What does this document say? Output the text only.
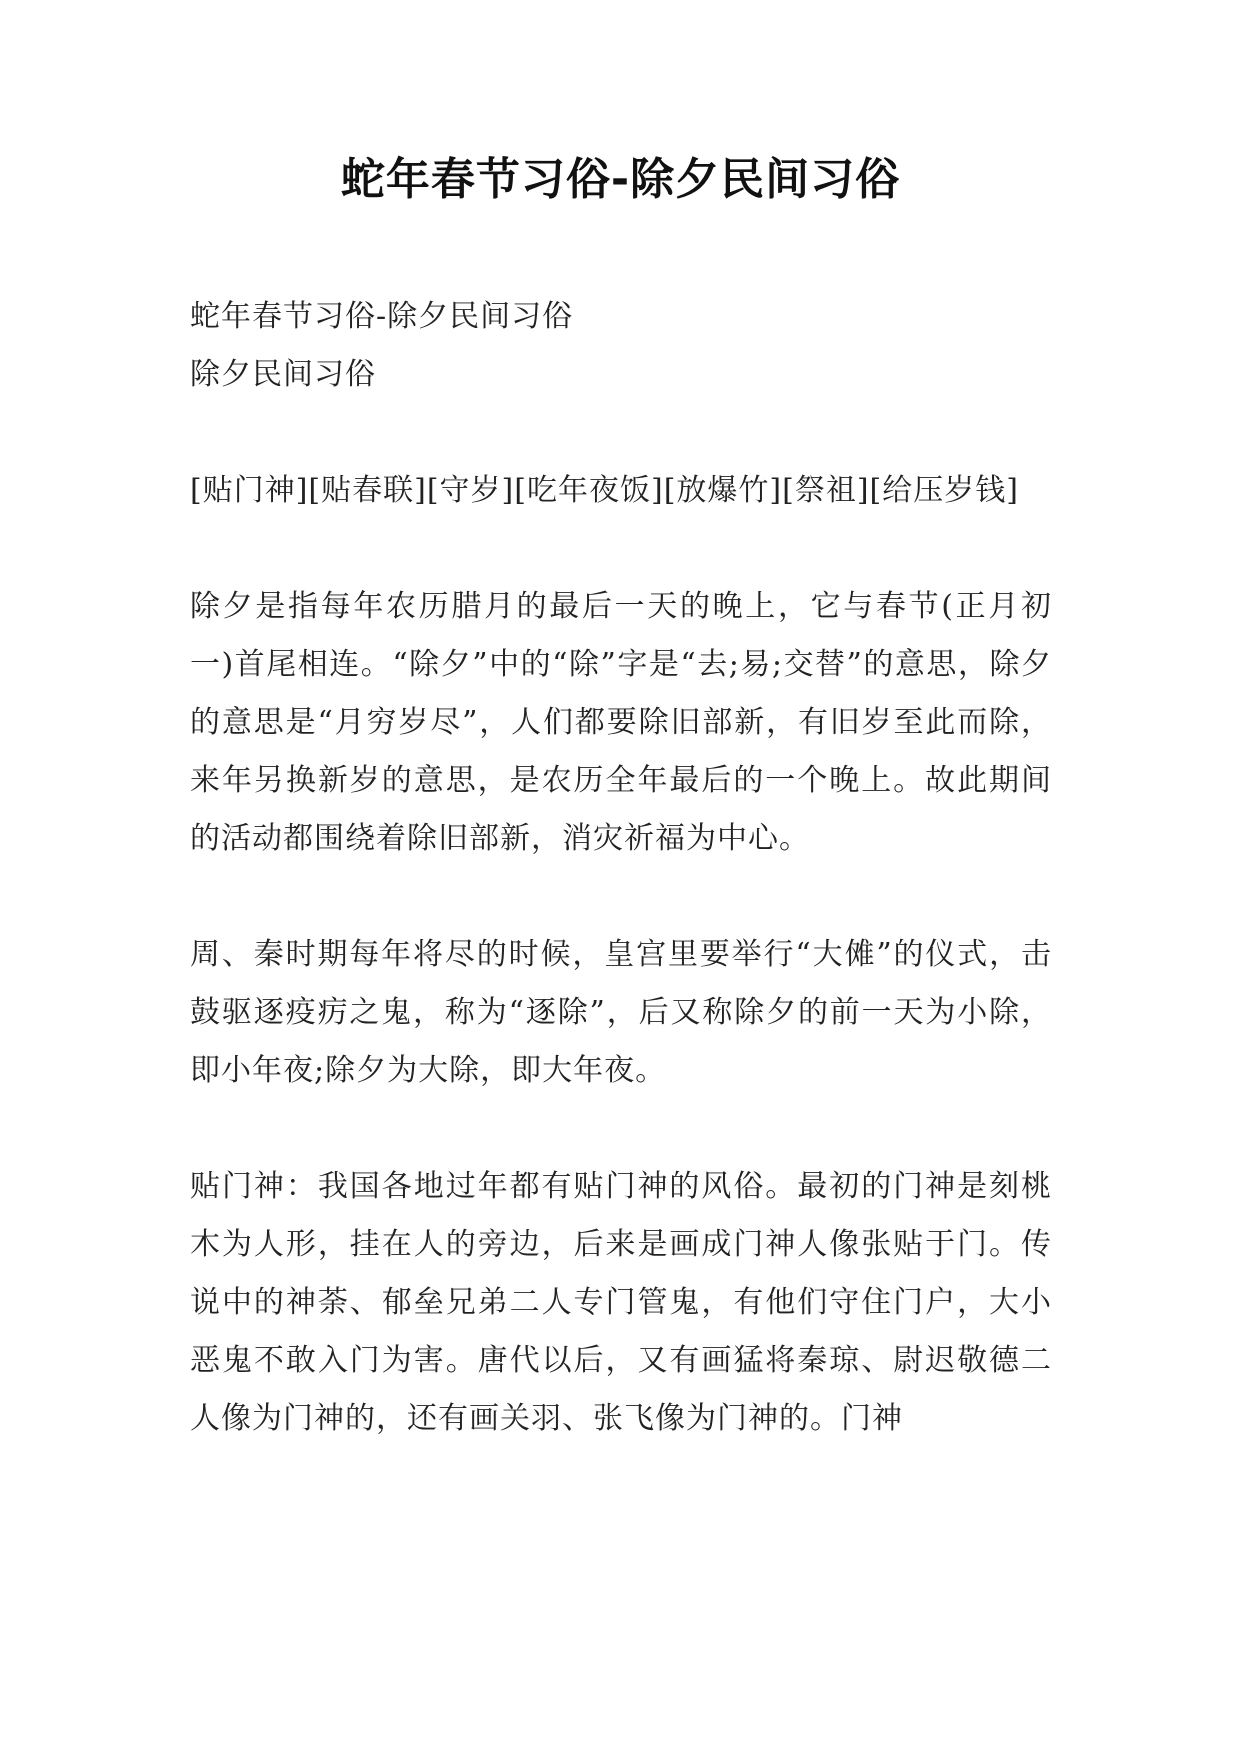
蛇年春节习俗-除夕民间习俗

蛇年春节习俗-除夕民间习俗

除夕民间习俗

[贴门神][贴春联][守岁][吃年夜饭][放爆竹][祭祖][给压岁钱]

除夕是指每年农历腊月的最后一天的晚上，它与春节(正月初一)首尾相连。“除夕”中的“除”字是“去;易;交替”的意思，除夕的意思是“月穷岁尽”，人们都要除旧部新，有旧岁至此而除，来年另换新岁的意思，是农历全年最后的一个晚上。故此期间的活动都围绕着除旧部新，消灾祈福为中心。

周、秦时期每年将尽的时候，皇宫里要举行“大傩”的仪式，击鼓驱逐疫疠之鬼，称为“逐除”，后又称除夕的前一天为小除，即小年夜;除夕为大除，即大年夜。

贴门神：我国各地过年都有贴门神的风俗。最初的门神是刻桃木为人形，挂在人的旁边，后来是画成门神人像张贴于门。传说中的神荼、郁垒兄弟二人专门管鬼，有他们守住门户，大小恶鬼不敢入门为害。唐代以后，又有画猛将秦琼、尉迟敬德二人像为门神的，还有画关羽、张飞像为门神的。门神
